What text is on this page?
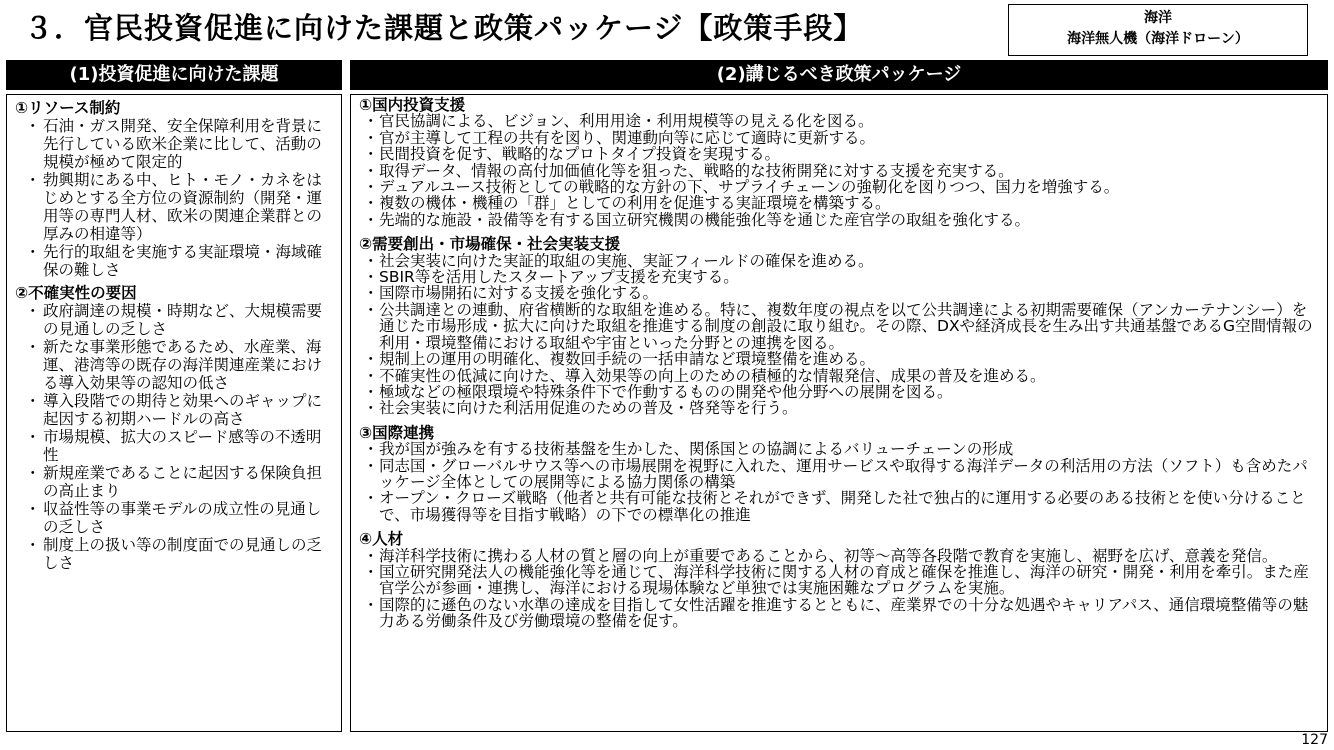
３．官民投資促進に向けた課題と政策パッケージ【政策手段】	海洋
海洋無人機（海洋ドローン）
(1)投資促進に向けた課題	(2)講じるべき政策パッケージ
①リソース制約
・ 石油・ガス開発、安全保障利用を背景に先行している欧米企業に比して、活動の規模が極めて限定的
・ 勃興期にある中、ヒト・モノ・カネをはじめとする全方位の資源制約（開発・運用等の専門人材、欧米の関連企業群との厚みの相違等）
・ 先行的取組を実施する実証環境・海域確保の難しさ
②不確実性の要因
・ 政府調達の規模・時期など、大規模需要の見通しの乏しさ
・ 新たな事業形態であるため、水産業、海運、港湾等の既存の海洋関連産業における導入効果等の認知の低さ
・ 導入段階での期待と効果へのギャップに起因する初期ハードルの高さ
・ 市場規模、拡大のスピード感等の不透明性
・ 新規産業であることに起因する保険負担の高止まり
・ 収益性等の事業モデルの成立性の見通しの乏しさ
・ 制度上の扱い等の制度面での見通しの乏しさ
①国内投資支援
・ 官民協調による、ビジョン、利用用途・利用規模等の見える化を図る。
・ 官が主導して工程の共有を図り、関連動向等に応じて適時に更新する。
・ 民間投資を促す、戦略的なプロトタイプ投資を実現する。
・ 取得データ、情報の高付加価値化等を狙った、戦略的な技術開発に対する支援を充実する。
・ デュアルユース技術としての戦略的な方針の下、サプライチェーンの強靭化を図りつつ、国力を増強する。
・ 複数の機体・機種の「群」としての利用を促進する実証環境を構築する。
・ 先端的な施設・設備等を有する国立研究機関の機能強化等を通じた産官学の取組を強化する。
②需要創出・市場確保・社会実装支援
・ 社会実装に向けた実証的取組の実施、実証フィールドの確保を進める。
・ SBIR等を活用したスタートアップ支援を充実する。
・ 国際市場開拓に対する支援を強化する。
・ 公共調達との連動、府省横断的な取組を進める。特に、複数年度の視点を以て公共調達による初期需要確保（アンカーテナンシー）を通じた市場形成・拡大に向けた取組を推進する制度の創設に取り組む。その際、DXや経済成長を生み出す共通基盤であるG空間情報の利用・環境整備における取組や宇宙といった分野との連携を図る。
・ 規制上の運用の明確化、複数回手続の一括申請など環境整備を進める。
・ 不確実性の低減に向けた、導入効果等の向上のための積極的な情報発信、成果の普及を進める。
・ 極域などの極限環境や特殊条件下で作動するものの開発や他分野への展開を図る。
・ 社会実装に向けた利活用促進のための普及・啓発等を行う。
③国際連携
・ 我が国が強みを有する技術基盤を生かした、関係国との協調によるバリューチェーンの形成
・ 同志国・グローバルサウス等への市場展開を視野に入れた、運用サービスや取得する海洋データの利活用の方法（ソフト）も含めたパッケージ全体としての展開等による協力関係の構築
・ オープン・クローズ戦略（他者と共有可能な技術とそれができず、開発した社で独占的に運用する必要のある技術とを使い分けることで、市場獲得等を目指す戦略）の下での標準化の推進
④人材
・ 海洋科学技術に携わる人材の質と層の向上が重要であることから、初等～高等各段階で教育を実施し、裾野を広げ、意義を発信。
・ 国立研究開発法人の機能強化等を通じて、海洋科学技術に関する人材の育成と確保を推進し、海洋の研究・開発・利用を牽引。また産官学公が参画・連携し、海洋における現場体験など単独では実施困難なプログラムを実施。
・ 国際的に遜色のない水準の達成を目指して女性活躍を推進するとともに、産業界での十分な処遇やキャリアパス、通信環境整備等の魅力ある労働条件及び労働環境の整備を促す。
127
